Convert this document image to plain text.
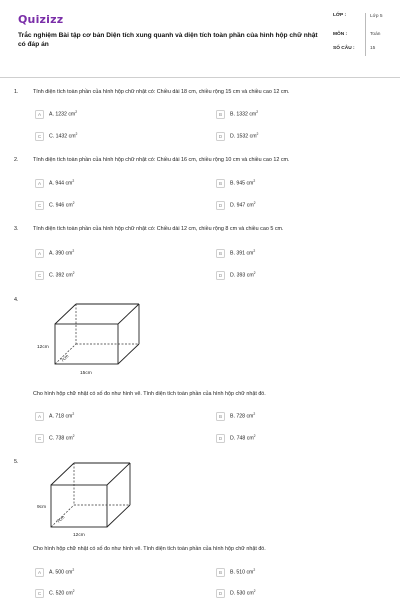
Quizizz
Trắc nghiệm Bài tập cơ bản Diện tích xung quanh và diện tích toàn phần của hình hộp chữ nhật có đáp án
LỚP :	Lớp 5
MÔN :	Toán
SỐ CÂU :	15
1.	Tính diện tích toàn phần của hình hộp chữ nhật có: Chiều dài 18 cm, chiều rộng 15 cm và chiều cao 12 cm.
A	A. 1232 $cm^2$	B	B. 1332 $cm^2$
C	C. 1432 $cm^2$	D	D. 1532 $cm^2$
2.	Tính diện tích toàn phần của hình hộp chữ nhật có: Chiều dài 16 cm, chiều rộng 10 cm và chiều cao 12 cm.
A	A. 944 $cm^2$	B	B. 945 $cm^2$
C	C. 946 $cm^2$	D	D. 947 $cm^2$
3.	Tính diện tích toàn phần của hình hộp chữ nhật có: Chiều dài 12 cm, chiều rộng 8 cm và chiều cao 5 cm.
A	A. 390 $cm^2$	B	B. 391 $cm^2$
C	C. 392 $cm^2$	D	D. 393 $cm^2$
4.
12cm
7cm
15cm
Cho hình hộp chữ nhật có số đo như hình vẽ. Tính diện tích toàn phần của hình hộp chữ nhật đó.
A	A. 718 $cm^2$	B	B. 728 $cm^2$
C	C. 738 $cm^2$	D	D. 748 $cm^2$
5.
9cm
7cm
12cm
Cho hình hộp chữ nhật có số đo như hình vẽ. Tính diện tích toàn phần của hình hộp chữ nhật đó.
A	A. 500 $cm^2$	B	B. 510 $cm^2$
C	C. 520 $cm^2$	D	D. 530 $cm^2$
